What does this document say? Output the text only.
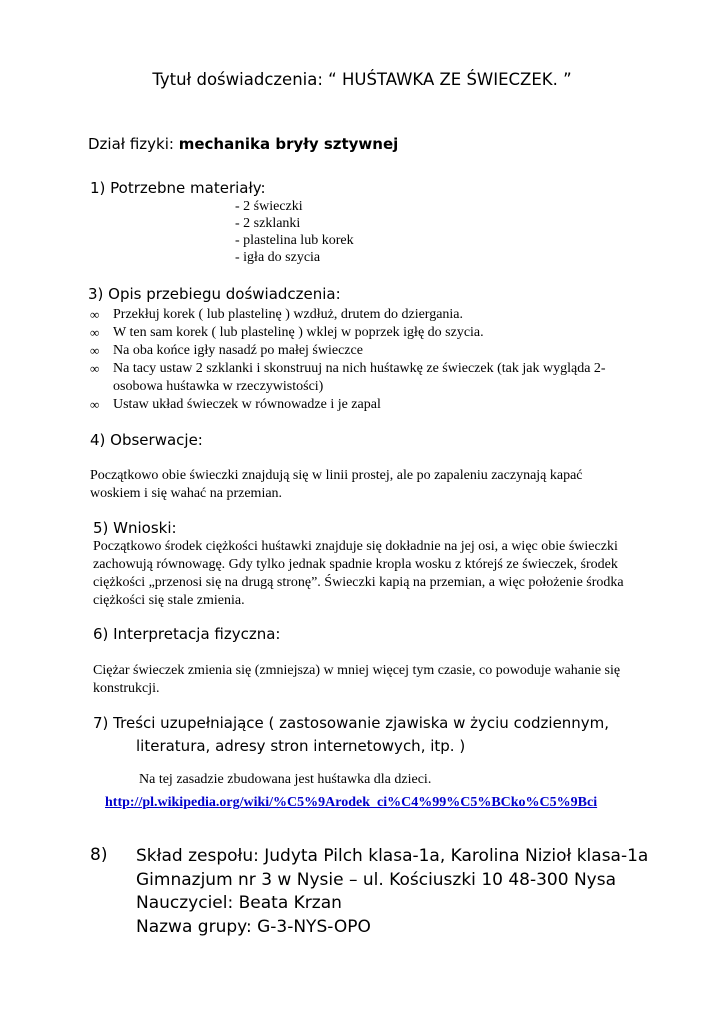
Tytuł doświadczenia: “ HUŚTAWKA ZE ŚWIECZEK. ”
Dział fizyki: mechanika bryły sztywnej
1) Potrzebne materiały:
- 2 świeczki
- 2 szklanki
- plastelina lub korek
- igła do szycia
3) Opis przebiegu doświadczenia:
∞ Przekłuj korek ( lub plastelinę ) wzdłuż, drutem do dziergania.
∞ W ten sam korek ( lub plastelinę ) wklej w poprzek igłę do szycia.
∞ Na oba końce igły nasadź po małej świeczce
∞ Na tacy ustaw 2 szklanki i skonstruuj na nich huśtawkę ze świeczek (tak jak wygląda 2-
osobowa huśtawka w rzeczywistości)
∞ Ustaw układ świeczek w równowadze i je zapal
4) Obserwacje:
Początkowo obie świeczki znajdują się w linii prostej, ale po zapaleniu zaczynają kapać
woskiem i się wahać na przemian.
5) Wnioski:
Początkowo środek ciężkości huśtawki znajduje się dokładnie na jej osi, a więc obie świeczki
zachowują równowagę. Gdy tylko jednak spadnie kropla wosku z którejś ze świeczek, środek
ciężkości „przenosi się na drugą stronę”. Świeczki kapią na przemian, a więc położenie środka
ciężkości się stale zmienia.
6) Interpretacja fizyczna:
Ciężar świeczek zmienia się (zmniejsza) w mniej więcej tym czasie, co powoduje wahanie się
konstrukcji.
7) Treści uzupełniające ( zastosowanie zjawiska w życiu codziennym,
literatura, adresy stron internetowych, itp. )
Na tej zasadzie zbudowana jest huśtawka dla dzieci.
http://pl.wikipedia.org/wiki/%C5%9Arodek_ci%C4%99%C5%BCko%C5%9Bci
8) Skład zespołu: Judyta Pilch klasa-1a, Karolina Nizioł klasa-1a
Gimnazjum nr 3 w Nysie – ul. Kościuszki 10 48-300 Nysa
Nauczyciel: Beata Krzan
Nazwa grupy: G-3-NYS-OPO
